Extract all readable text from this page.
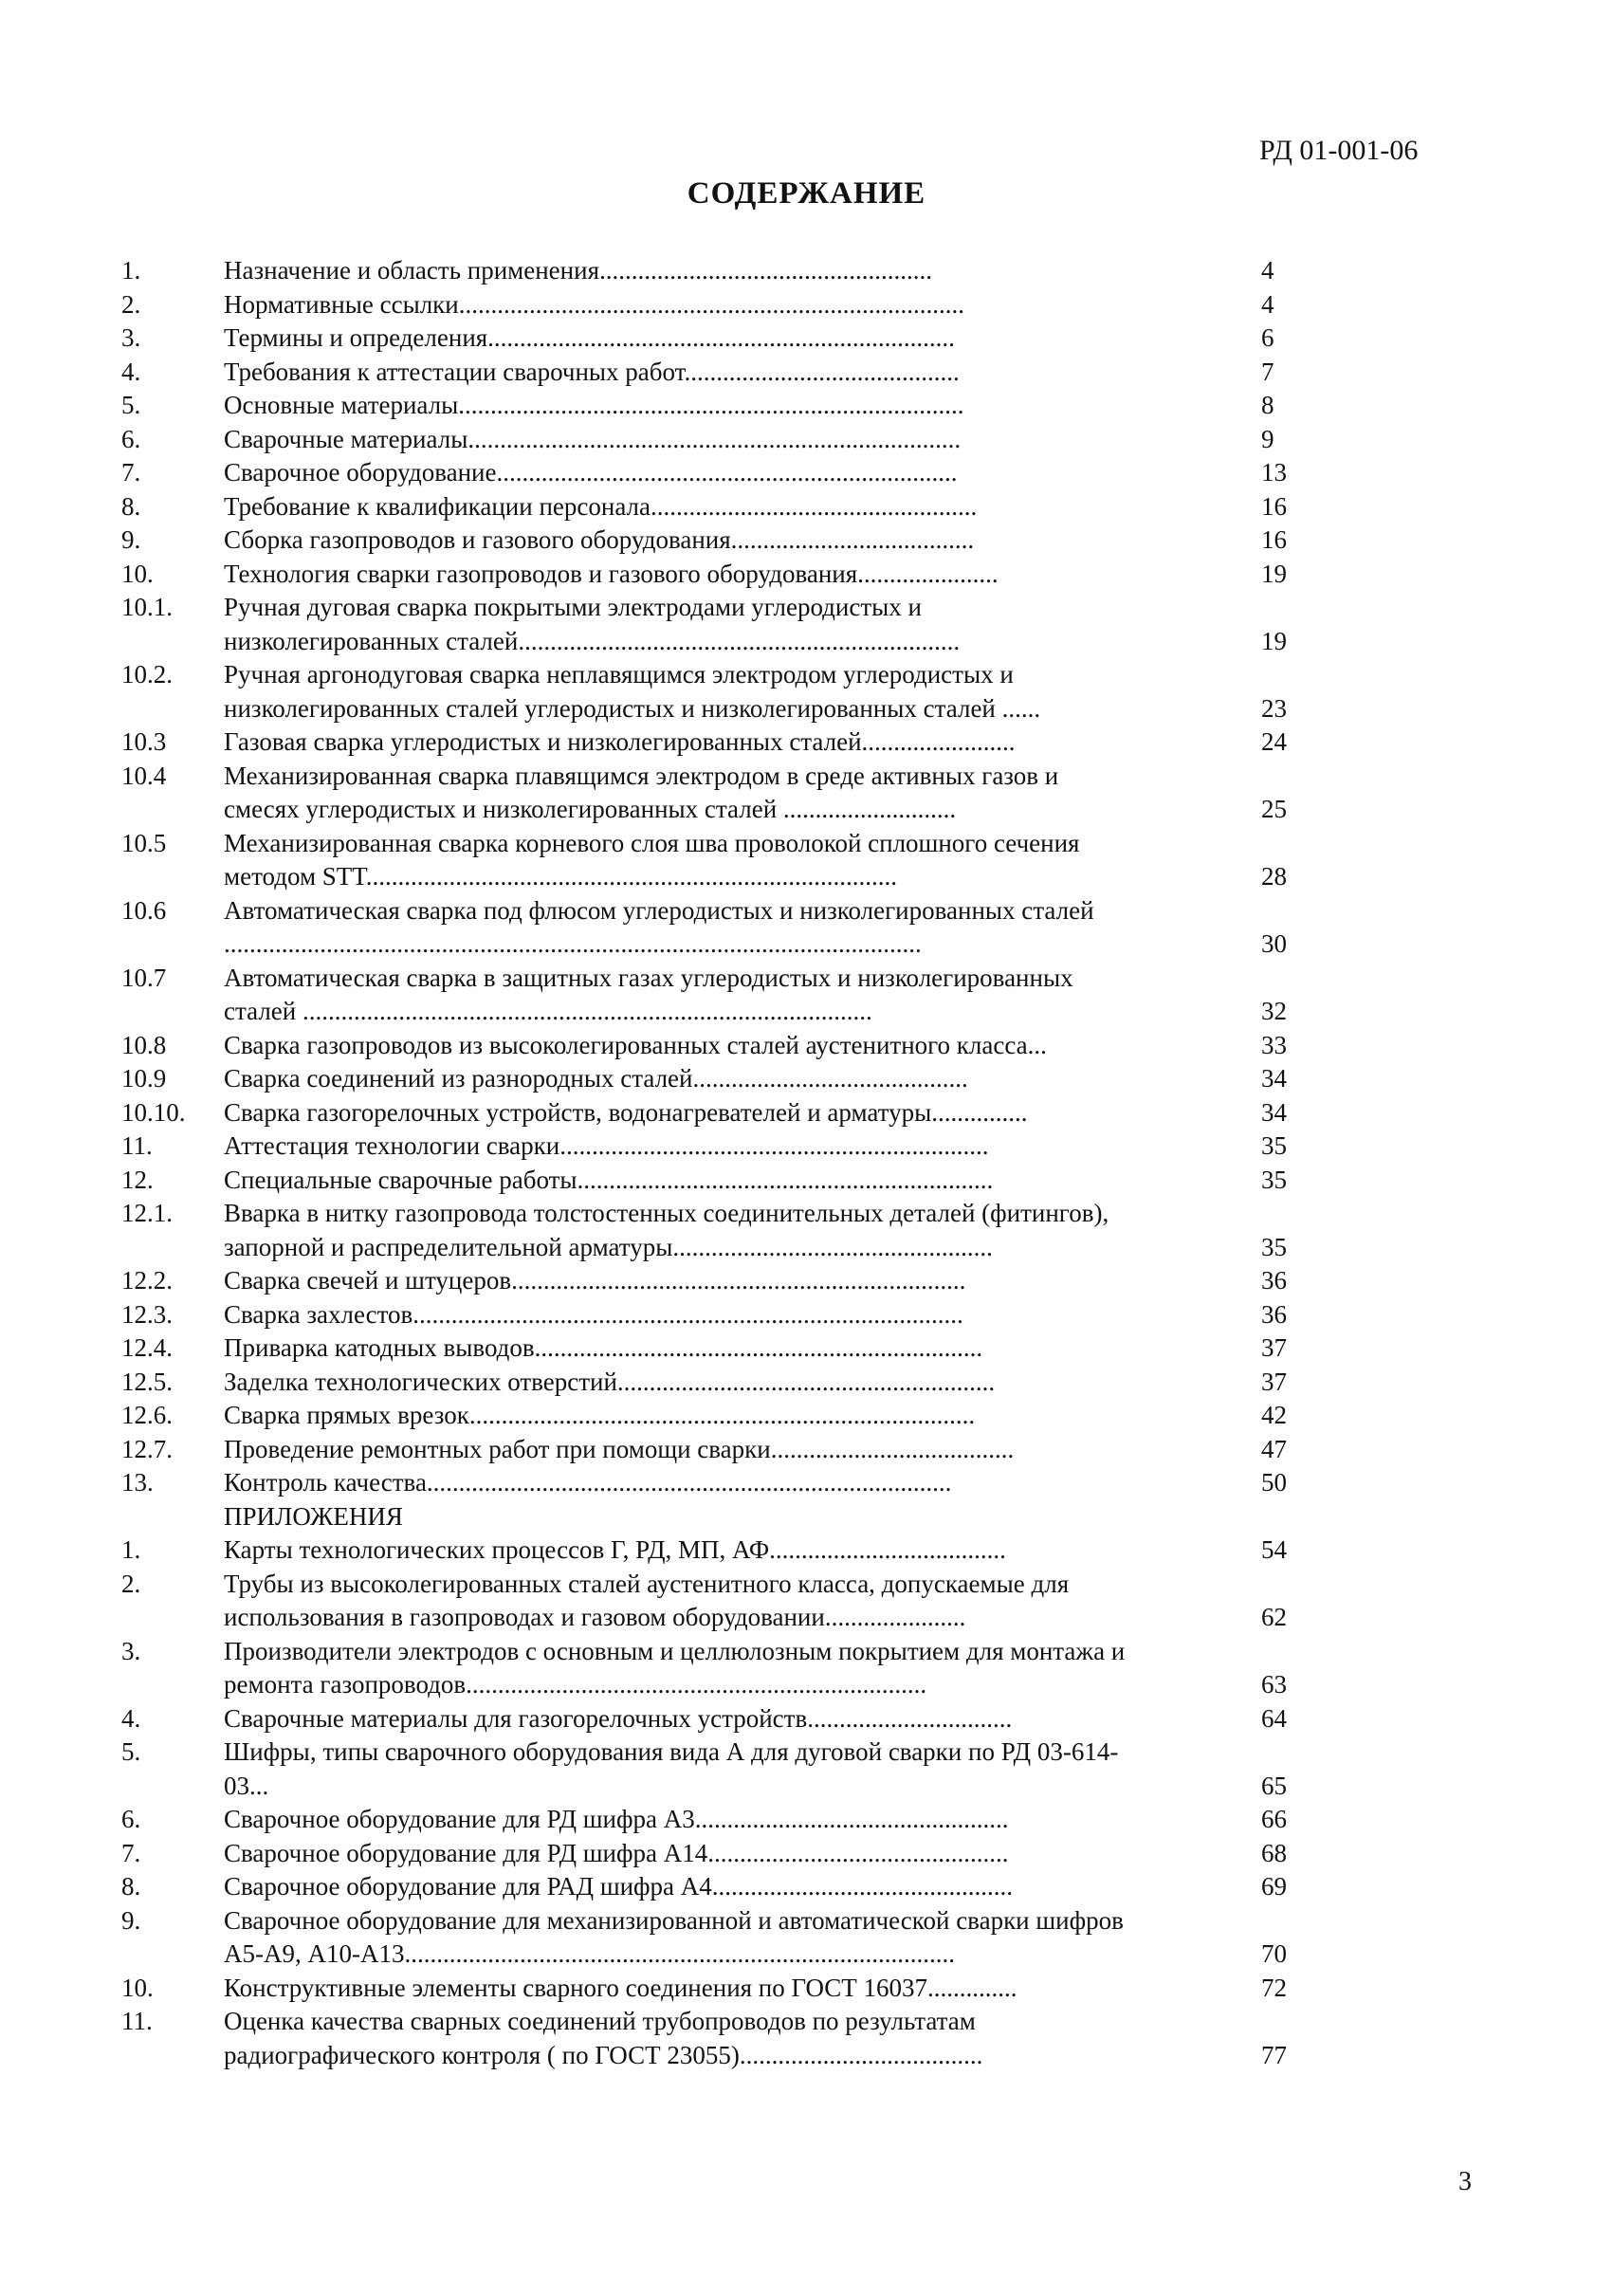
РД 01-001-06
СОДЕРЖАНИЕ
1.	Назначение и область применения....................................................	4
2.	Нормативные ссылки...............................................................................	4
3.	Термины и определения.........................................................................	6
4.	Требования к аттестации сварочных работ...........................................	7
5.	Основные материалы...............................................................................	8
6.	Сварочные материалы.............................................................................	9
7.	Сварочное оборудование........................................................................	13
8.	Требование к квалификации персонала...................................................	16
9.	Сборка газопроводов и газового оборудования......................................	16
10.	Технология сварки газопроводов и газового оборудования......................	19
10.1.	Ручная дуговая сварка покрытыми электродами углеродистых и
низколегированных сталей.....................................................................	19
10.2.	Ручная аргонодуговая сварка неплавящимся электродом углеродистых и
низколегированных сталей углеродистых и низколегированных сталей ......	23
10.3	Газовая сварка углеродистых и низколегированных сталей........................	24
10.4	Механизированная сварка плавящимся электродом в среде активных газов и
смесях углеродистых и низколегированных сталей ...........................	25
10.5	Механизированная сварка корневого слоя шва проволокой сплошного сечения
методом STT...................................................................................	28
10.6	Автоматическая сварка под флюсом углеродистых и низколегированных сталей
.............................................................................................................	30
10.7	Автоматическая сварка в защитных газах углеродистых и низколегированных
сталей .........................................................................................	32
10.8	Сварка газопроводов из высоколегированных сталей аустенитного класса...	33
10.9	Сварка соединений из разнородных сталей...........................................	34
10.10.	Сварка газогорелочных устройств, водонагревателей и арматуры...............	34
11.	Аттестация технологии сварки...................................................................	35
12.	Специальные сварочные работы.................................................................	35
12.1.	Вварка в нитку газопровода толстостенных соединительных деталей (фитингов),
запорной и распределительной арматуры..................................................	35
12.2.	Сварка свечей и штуцеров.......................................................................	36
12.3.	Сварка захлестов......................................................................................	36
12.4.	Приварка катодных выводов......................................................................	37
12.5.	Заделка технологических отверстий...........................................................	37
12.6.	Сварка прямых врезок...............................................................................	42
12.7.	Проведение ремонтных работ при помощи сварки......................................	47
13.	Контроль качества..................................................................................	50
ПРИЛОЖЕНИЯ
1.	Карты технологических процессов Г, РД, МП, АФ.....................................	54
2.	Трубы из высоколегированных сталей аустенитного класса, допускаемые для
использования в газопроводах и газовом оборудовании......................	62
3.	Производители электродов с основным и целлюлозным покрытием для монтажа и
ремонта газопроводов........................................................................	63
4.	Сварочные материалы для газогорелочных устройств................................	64
5.	Шифры, типы сварочного оборудования вида А для дуговой сварки по РД 03-614-
03...	65
6.	Сварочное оборудование для РД шифра А3.................................................	66
7.	Сварочное оборудование для РД шифра А14...............................................	68
8.	Сварочное оборудование для РАД шифра А4...............................................	69
9.	Сварочное оборудование для механизированной и автоматической сварки шифров
А5-А9, А10-А13......................................................................................	70
10.	Конструктивные элементы сварного соединения по ГОСТ 16037..............	72
11.	Оценка качества сварных соединений трубопроводов по результатам
радиографического контроля ( по ГОСТ 23055)......................................	77
3
